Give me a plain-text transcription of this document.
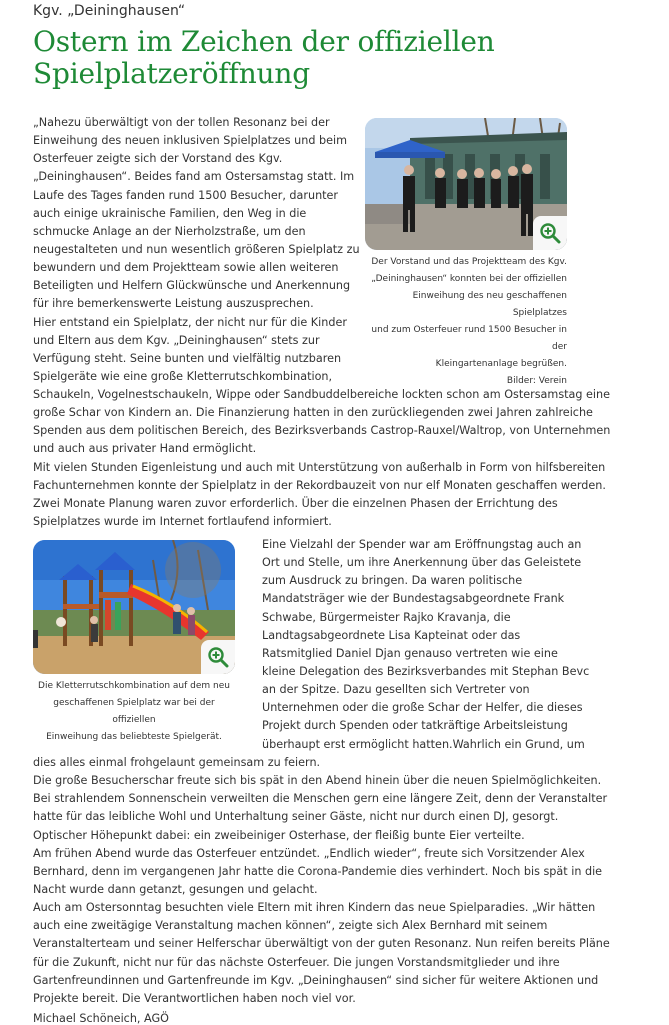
Kgv. „Deininghausen“
Ostern im Zeichen der offiziellen
Spielplatzeröffnung
„Nahezu überwältigt von der tollen Resonanz bei der
Einweihung des neuen inklusiven Spielplatzes und beim
Osterfeuer zeigte sich der Vorstand des Kgv.
„Deininghausen“. Beides fand am Ostersamstag statt. Im
Laufe des Tages fanden rund 1500 Besucher, darunter
auch einige ukrainische Familien, den Weg in die
schmucke Anlage an der Nierholzstraße, um den
neugestalteten und nun wesentlich größeren Spielplatz zu
bewundern und dem Projektteam sowie allen weiteren
Beteiligten und Helfern Glückwünsche und Anerkennung
für ihre bemerkenswerte Leistung auszusprechen.
Hier entstand ein Spielplatz, der nicht nur für die Kinder
und Eltern aus dem Kgv. „Deininghausen“ stets zur
Verfügung steht. Seine bunten und vielfältig nutzbaren
Spielgeräte wie eine große Kletterrutschkombination,
Der Vorstand und das Projektteam des Kgv.
„Deininghausen“ konnten bei der offiziellen
Einweihung des neu geschaffenen Spielplatzes
und zum Osterfeuer rund 1500 Besucher in der
Kleingartenanlage begrüßen.
Bilder: Verein
Schaukeln, Vogelnestschaukeln, Wippe oder Sandbuddelbereiche lockten schon am Ostersamstag eine
große Schar von Kindern an. Die Finanzierung hatten in den zurückliegenden zwei Jahren zahlreiche
Spenden aus dem politischen Bereich, des Bezirksverbands Castrop-Rauxel/Waltrop, von Unternehmen
und auch aus privater Hand ermöglicht.
Mit vielen Stunden Eigenleistung und auch mit Unterstützung von außerhalb in Form von hilfsbereiten
Fachunternehmen konnte der Spielplatz in der Rekordbauzeit von nur elf Monaten geschaffen werden.
Zwei Monate Planung waren zuvor erforderlich. Über die einzelnen Phasen der Errichtung des
Spielplatzes wurde im Internet fortlaufend informiert.
Die Kletterrutschkombination auf dem neu
geschaffenen Spielplatz war bei der offiziellen
Einweihung das beliebteste Spielgerät.
Eine Vielzahl der Spender war am Eröffnungstag auch an
Ort und Stelle, um ihre Anerkennung über das Geleistete
zum Ausdruck zu bringen. Da waren politische
Mandatsträger wie der Bundestagsabgeordnete Frank
Schwabe, Bürgermeister Rajko Kravanja, die
Landtagsabgeordnete Lisa Kapteinat oder das
Ratsmitglied Daniel Djan genauso vertreten wie eine
kleine Delegation des Bezirksverbandes mit Stephan Bevc
an der Spitze. Dazu gesellten sich Vertreter von
Unternehmen oder die große Schar der Helfer, die dieses
Projekt durch Spenden oder tatkräftige Arbeitsleistung
überhaupt erst ermöglicht hatten.Wahrlich ein Grund, um
dies alles einmal frohgelaunt gemeinsam zu feiern.
Die große Besucherschar freute sich bis spät in den Abend hinein über die neuen Spielmöglichkeiten.
Bei strahlendem Sonnenschein verweilten die Menschen gern eine längere Zeit, denn der Veranstalter
hatte für das leibliche Wohl und Unterhaltung seiner Gäste, nicht nur durch einen DJ, gesorgt.
Optischer Höhepunkt dabei: ein zweibeiniger Osterhase, der fleißig bunte Eier verteilte.
Am frühen Abend wurde das Osterfeuer entzündet. „Endlich wieder“, freute sich Vorsitzender Alex
Bernhard, denn im vergangenen Jahr hatte die Corona-Pandemie dies verhindert. Noch bis spät in die
Nacht wurde dann getanzt, gesungen und gelacht.
Auch am Ostersonntag besuchten viele Eltern mit ihren Kindern das neue Spielparadies. „Wir hätten
auch eine zweitägige Veranstaltung machen können“, zeigte sich Alex Bernhard mit seinem
Veranstalterteam und seiner Helferschar überwältigt von der guten Resonanz. Nun reifen bereits Pläne
für die Zukunft, nicht nur für das nächste Osterfeuer. Die jungen Vorstandsmitglieder und ihre
Gartenfreundinnen und Gartenfreunde im Kgv. „Deininghausen“ sind sicher für weitere Aktionen und
Projekte bereit. Die Verantwortlichen haben noch viel vor.
Michael Schöneich, AGÖ
